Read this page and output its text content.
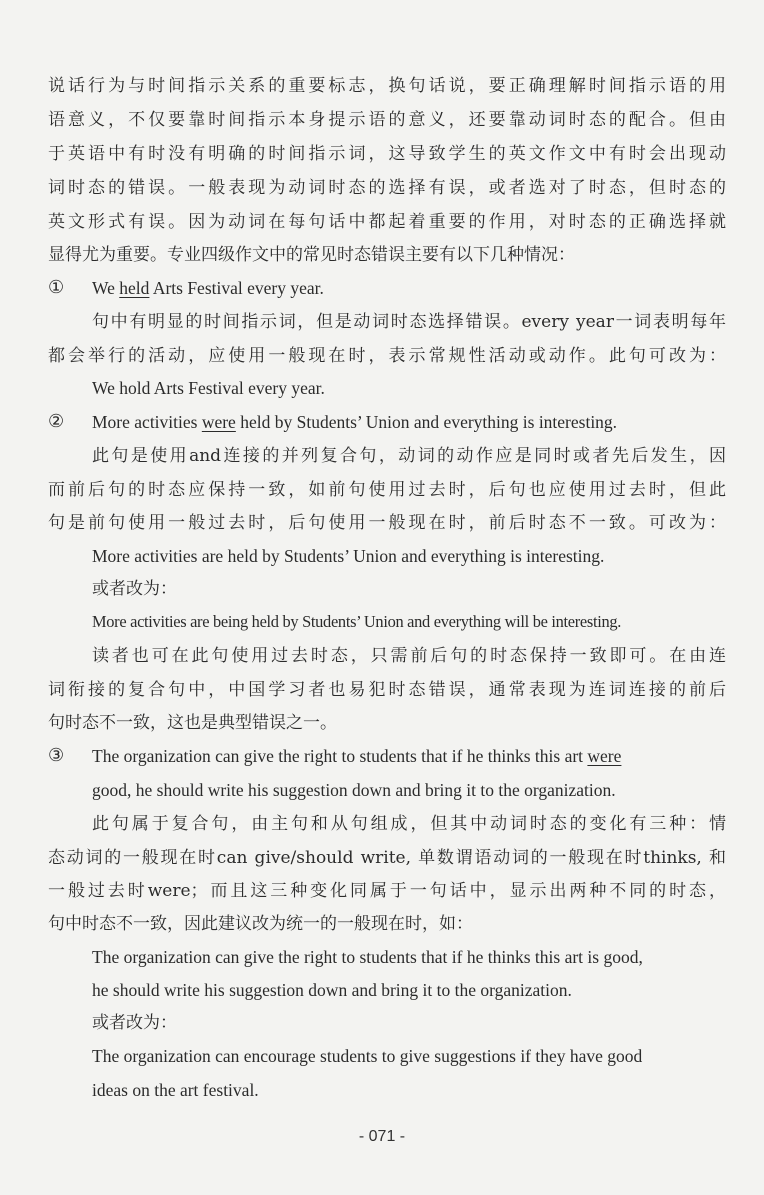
说话行为与时间指示关系的重要标志，换句话说，要正确理解时间指示语的用
语意义，不仅要靠时间指示本身提示语的意义，还要靠动词时态的配合。但由
于英语中有时没有明确的时间指示词，这导致学生的英文作文中有时会出现动
词时态的错误。一般表现为动词时态的选择有误，或者选对了时态，但时态的
英文形式有误。因为动词在每句话中都起着重要的作用，对时态的正确选择就
显得尤为重要。专业四级作文中的常见时态错误主要有以下几种情况：
① We held Arts Festival every year.
句中有明显的时间指示词，但是动词时态选择错误。every year一词表明每年
都会举行的活动，应使用一般现在时，表示常规性活动或动作。此句可改为：
We hold Arts Festival every year.
② More activities were held by Students’ Union and everything is interesting.
此句是使用and连接的并列复合句，动词的动作应是同时或者先后发生，因
而前后句的时态应保持一致，如前句使用过去时，后句也应使用过去时，但此
句是前句使用一般过去时，后句使用一般现在时，前后时态不一致。可改为：
More activities are held by Students’ Union and everything is interesting.
或者改为：
More activities are being held by Students’ Union and everything will be interesting.
读者也可在此句使用过去时态，只需前后句的时态保持一致即可。在由连
词衔接的复合句中，中国学习者也易犯时态错误，通常表现为连词连接的前后
句时态不一致，这也是典型错误之一。
③ The organization can give the right to students that if he thinks this art were
good, he should write his suggestion down and bring it to the organization.
此句属于复合句，由主句和从句组成，但其中动词时态的变化有三种：情
态动词的一般现在时can give/should write, 单数谓语动词的一般现在时thinks, 和
一般过去时were；而且这三种变化同属于一句话中，显示出两种不同的时态，
句中时态不一致，因此建议改为统一的一般现在时，如：
The organization can give the right to students that if he thinks this art is good,
he should write his suggestion down and bring it to the organization.
或者改为：
The organization can encourage students to give suggestions if they have good
ideas on the art festival.
- 071 -
